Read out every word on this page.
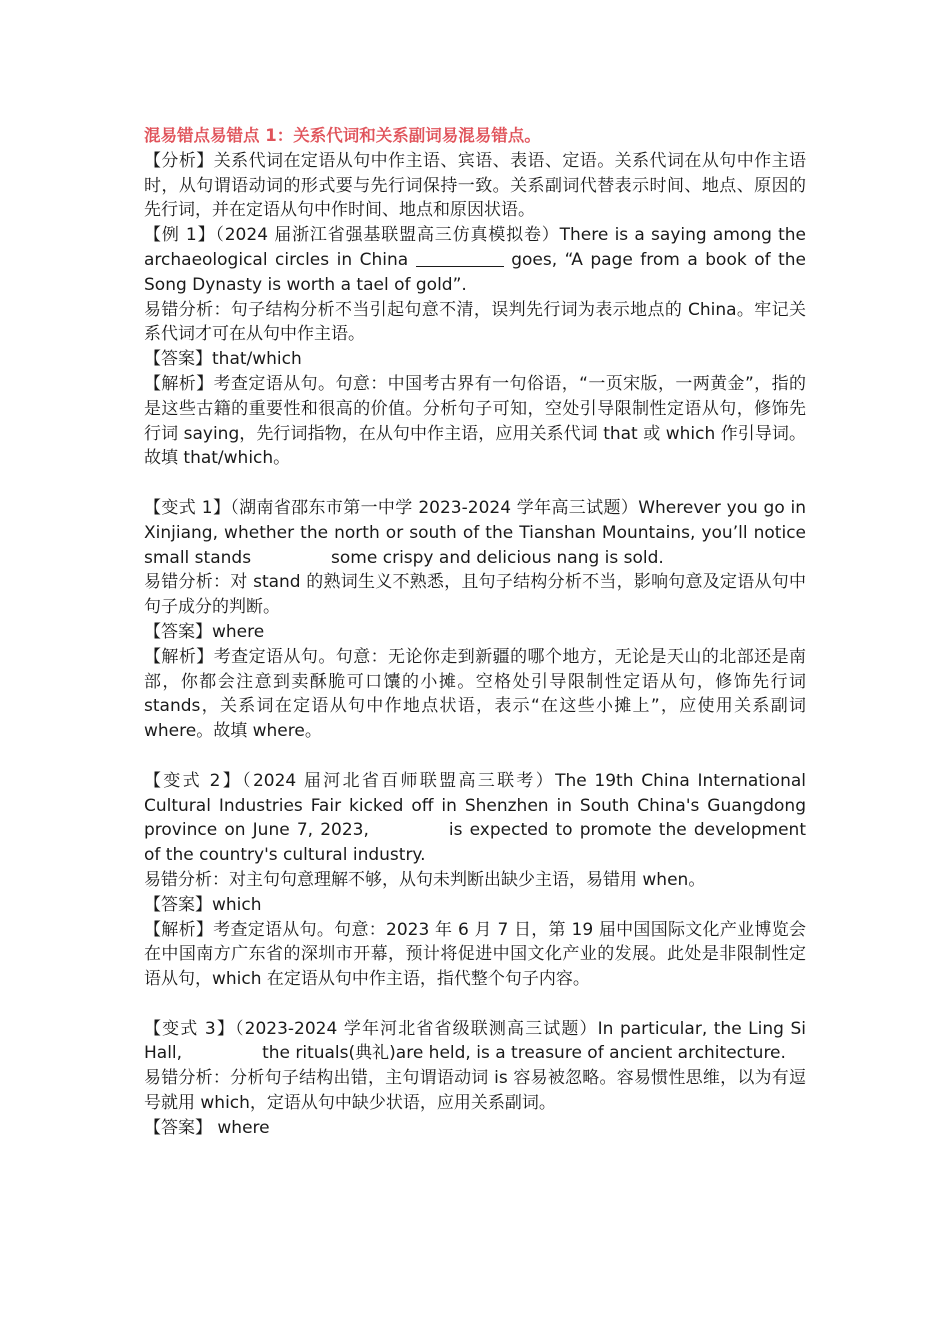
混易错点易错点 1：关系代词和关系副词易混易错点。

【分析】关系代词在定语从句中作主语、宾语、表语、定语。关系代词在从句中作主语时，从句谓语动词的形式要与先行词保持一致。关系副词代替表示时间、地点、原因的先行词，并在定语从句中作时间、地点和原因状语。

【例 1】（2024 届浙江省强基联盟高三仿真模拟卷）There is a saying among the archaeological circles in China	goes, “A page from a book of the Song Dynasty is worth a tael of gold”.

易错分析：句子结构分析不当引起句意不清，误判先行词为表示地点的 China。牢记关系代词才可在从句中作主语。

【答案】that/which

【解析】考查定语从句。句意：中国考古界有一句俗语，“一页宋版，一两黄金”，指的是这些古籍的重要性和很高的价值。分析句子可知，空处引导限制性定语从句，修饰先行词 saying，先行词指物，在从句中作主语，应用关系代词 that 或 which 作引导词。故填 that/which。

【变式 1】（湖南省邵东市第一中学 2023-2024 学年高三试题）Wherever you go in Xinjiang, whether the north or south of the Tianshan Mountains, you’ll notice small stands	some crispy and delicious nang is sold.

易错分析：对 stand 的熟词生义不熟悉，且句子结构分析不当，影响句意及定语从句中句子成分的判断。

【答案】where

【解析】考查定语从句。句意：无论你走到新疆的哪个地方，无论是天山的北部还是南部，你都会注意到卖酥脆可口馕的小摊。空格处引导限制性定语从句，修饰先行词 stands，关系词在定语从句中作地点状语，表示“在这些小摊上”，应使用关系副词 where。故填 where。

【变式 2】（2024 届河北省百师联盟高三联考）The 19th China International Cultural Industries Fair kicked off in Shenzhen in South China's Guangdong province on June 7, 2023,	is expected to promote the development of the country's cultural industry.

易错分析：对主句句意理解不够，从句未判断出缺少主语，易错用 when。

【答案】which

【解析】考查定语从句。句意：2023 年 6 月 7 日，第 19 届中国国际文化产业博览会在中国南方广东省的深圳市开幕，预计将促进中国文化产业的发展。此处是非限制性定语从句，which 在定语从句中作主语，指代整个句子内容。

【变式 3】（2023-2024 学年河北省省级联测高三试题）In particular, the Ling Si Hall,	the rituals(典礼)are held, is a treasure of ancient architecture.

易错分析：分析句子结构出错，主句谓语动词 is 容易被忽略。容易惯性思维，以为有逗号就用 which，定语从句中缺少状语，应用关系副词。

【答案】 where
